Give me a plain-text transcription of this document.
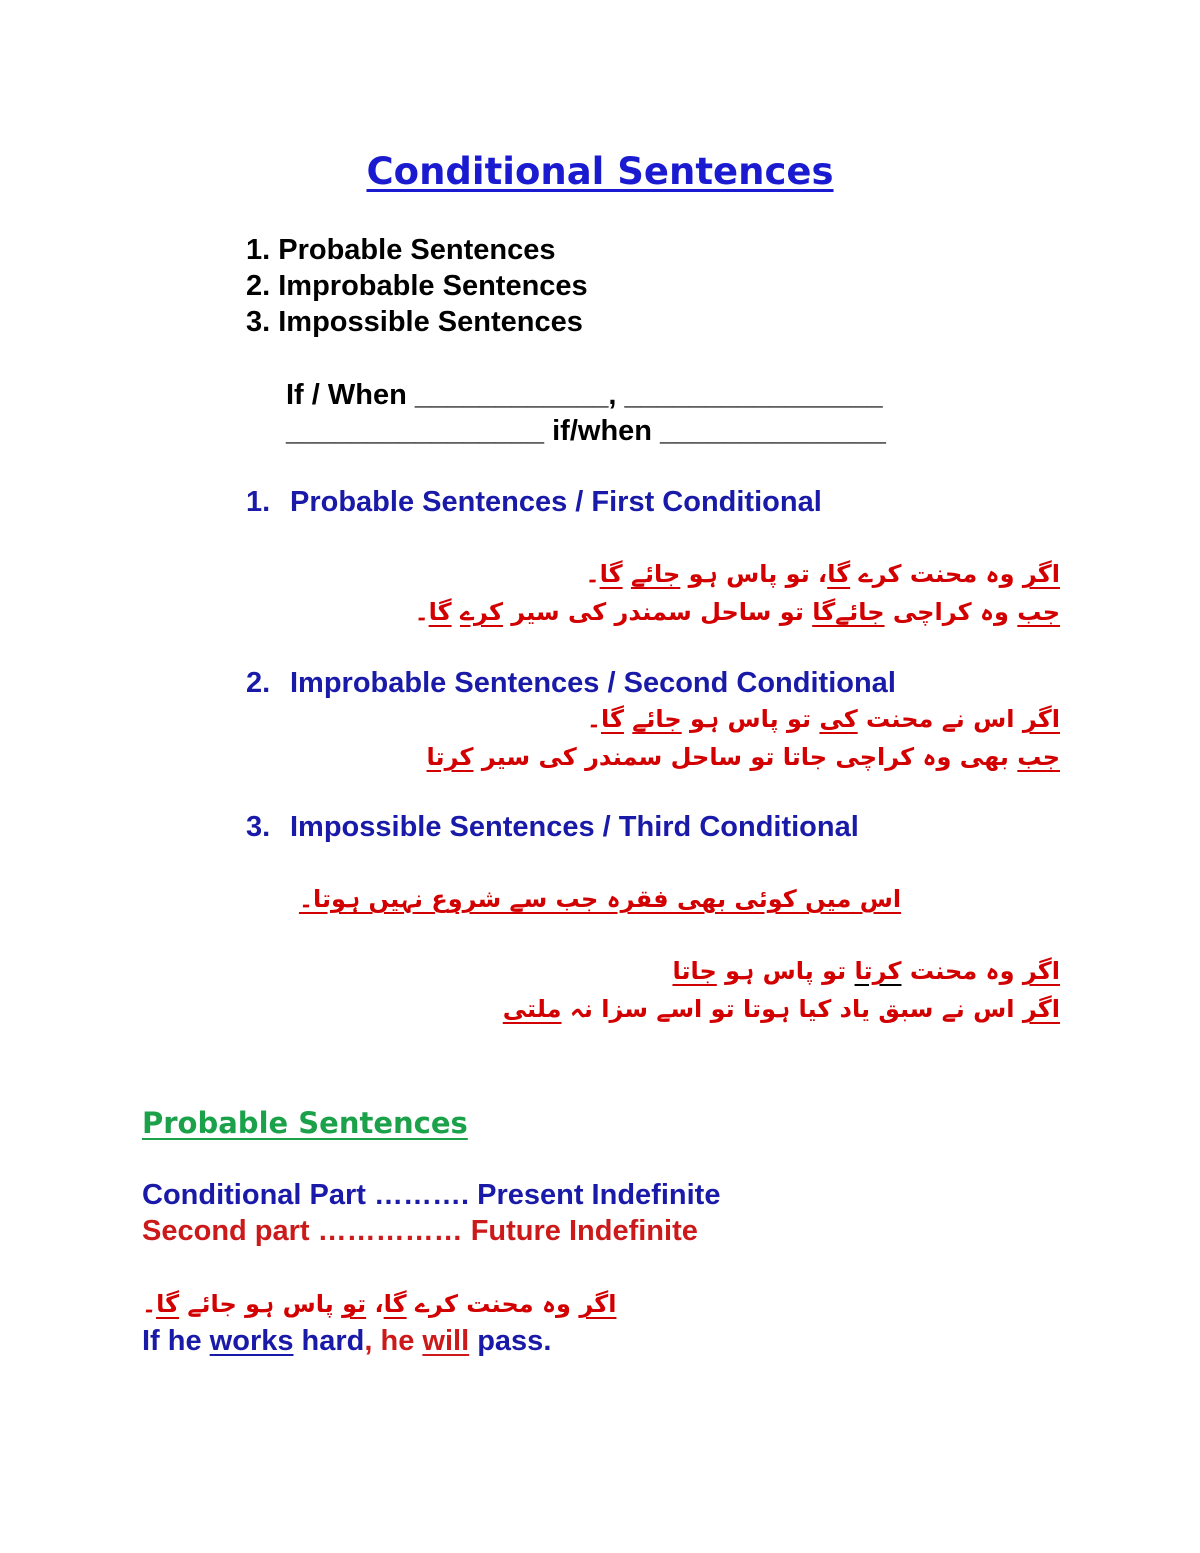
Conditional Sentences
1. Probable Sentences
2. Improbable Sentences
3. Impossible Sentences
If / When ____________, ________________
________________ if/when ______________
1. Probable Sentences / First Conditional
اگر وہ محنت کرے گا، تو پاس ہو جائے گا۔
جب وہ کراچی جائےگا تو ساحل سمندر کی سیر کرے گا۔
2. Improbable Sentences / Second Conditional
اگر اس نے محنت کی تو پاس ہو جائے گا۔
جب بھی وہ کراچی جاتا تو ساحل سمندر کی سیر کرتا
3. Impossible Sentences / Third Conditional
اس میں کوئی بھی فقرہ جب سے شروع نہیں ہوتا۔
اگر وہ محنت کرتا تو پاس ہو جاتا
اگر اس نے سبق یاد کیا ہوتا تو اسے سزا نہ ملتی
Probable Sentences
Conditional Part ………. Present Indefinite
Second part …………… Future Indefinite
اگر وہ محنت کرے گا، تو پاس ہو جائے گا۔
If he works hard, he will pass.
